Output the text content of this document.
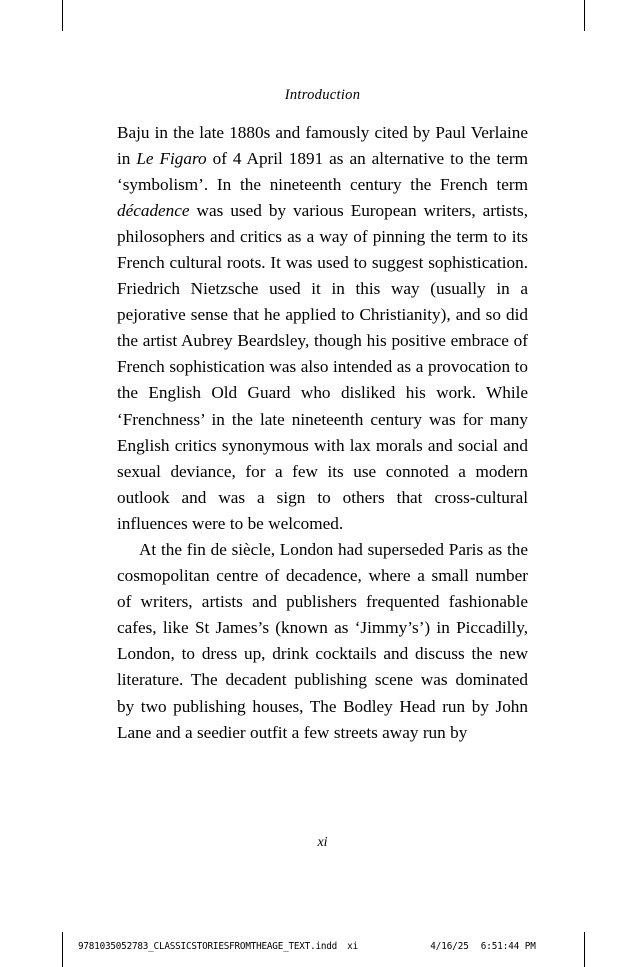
Introduction

Baju in the late 1880s and famously cited by Paul Verlaine in Le Figaro of 4 April 1891 as an alternative to the term ‘symbolism’. In the nineteenth century the French term décadence was used by various European writers, artists, philosophers and critics as a way of pinning the term to its French cultural roots. It was used to suggest sophistication. Friedrich Nietzsche used it in this way (usually in a pejorative sense that he applied to Christianity), and so did the artist Aubrey Beardsley, though his positive embrace of French sophistication was also intended as a provocation to the English Old Guard who disliked his work. While ‘Frenchness’ in the late nineteenth century was for many English critics synonymous with lax morals and social and sexual deviance, for a few its use connoted a modern outlook and was a sign to others that cross-cultural influences were to be welcomed.

At the fin de siècle, London had superseded Paris as the cosmopolitan centre of decadence, where a small number of writers, artists and publishers frequented fashionable cafes, like St James’s (known as ‘Jimmy’s’) in Piccadilly, London, to dress up, drink cocktails and discuss the new literature. The decadent publishing scene was dominated by two publishing houses, The Bodley Head run by John Lane and a seedier outfit a few streets away run by

xi
9781035052783_CLASSICSTORIESFROMTHEAGE_TEXT.indd xi	4/16/25 6:51:44 PM
